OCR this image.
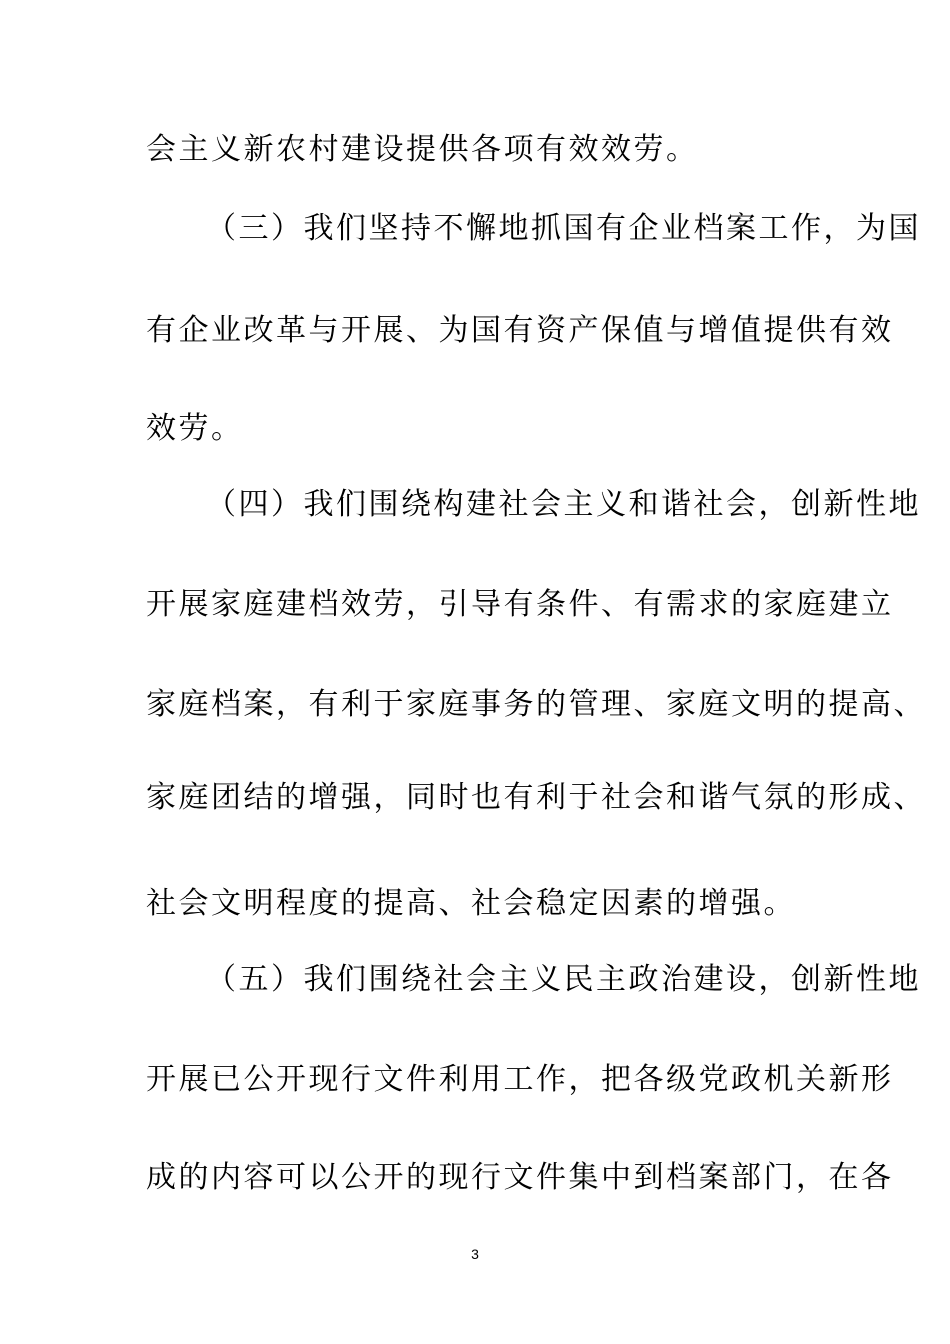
会主义新农村建设提供各项有效效劳。
（三）我们坚持不懈地抓国有企业档案工作，为国
有企业改革与开展、为国有资产保值与增值提供有效
效劳。
（四）我们围绕构建社会主义和谐社会，创新性地
开展家庭建档效劳，引导有条件、有需求的家庭建立
家庭档案，有利于家庭事务的管理、家庭文明的提高、
家庭团结的增强，同时也有利于社会和谐气氛的形成、
社会文明程度的提高、社会稳定因素的增强。
（五）我们围绕社会主义民主政治建设，创新性地
开展已公开现行文件利用工作，把各级党政机关新形
成的内容可以公开的现行文件集中到档案部门，在各
3
